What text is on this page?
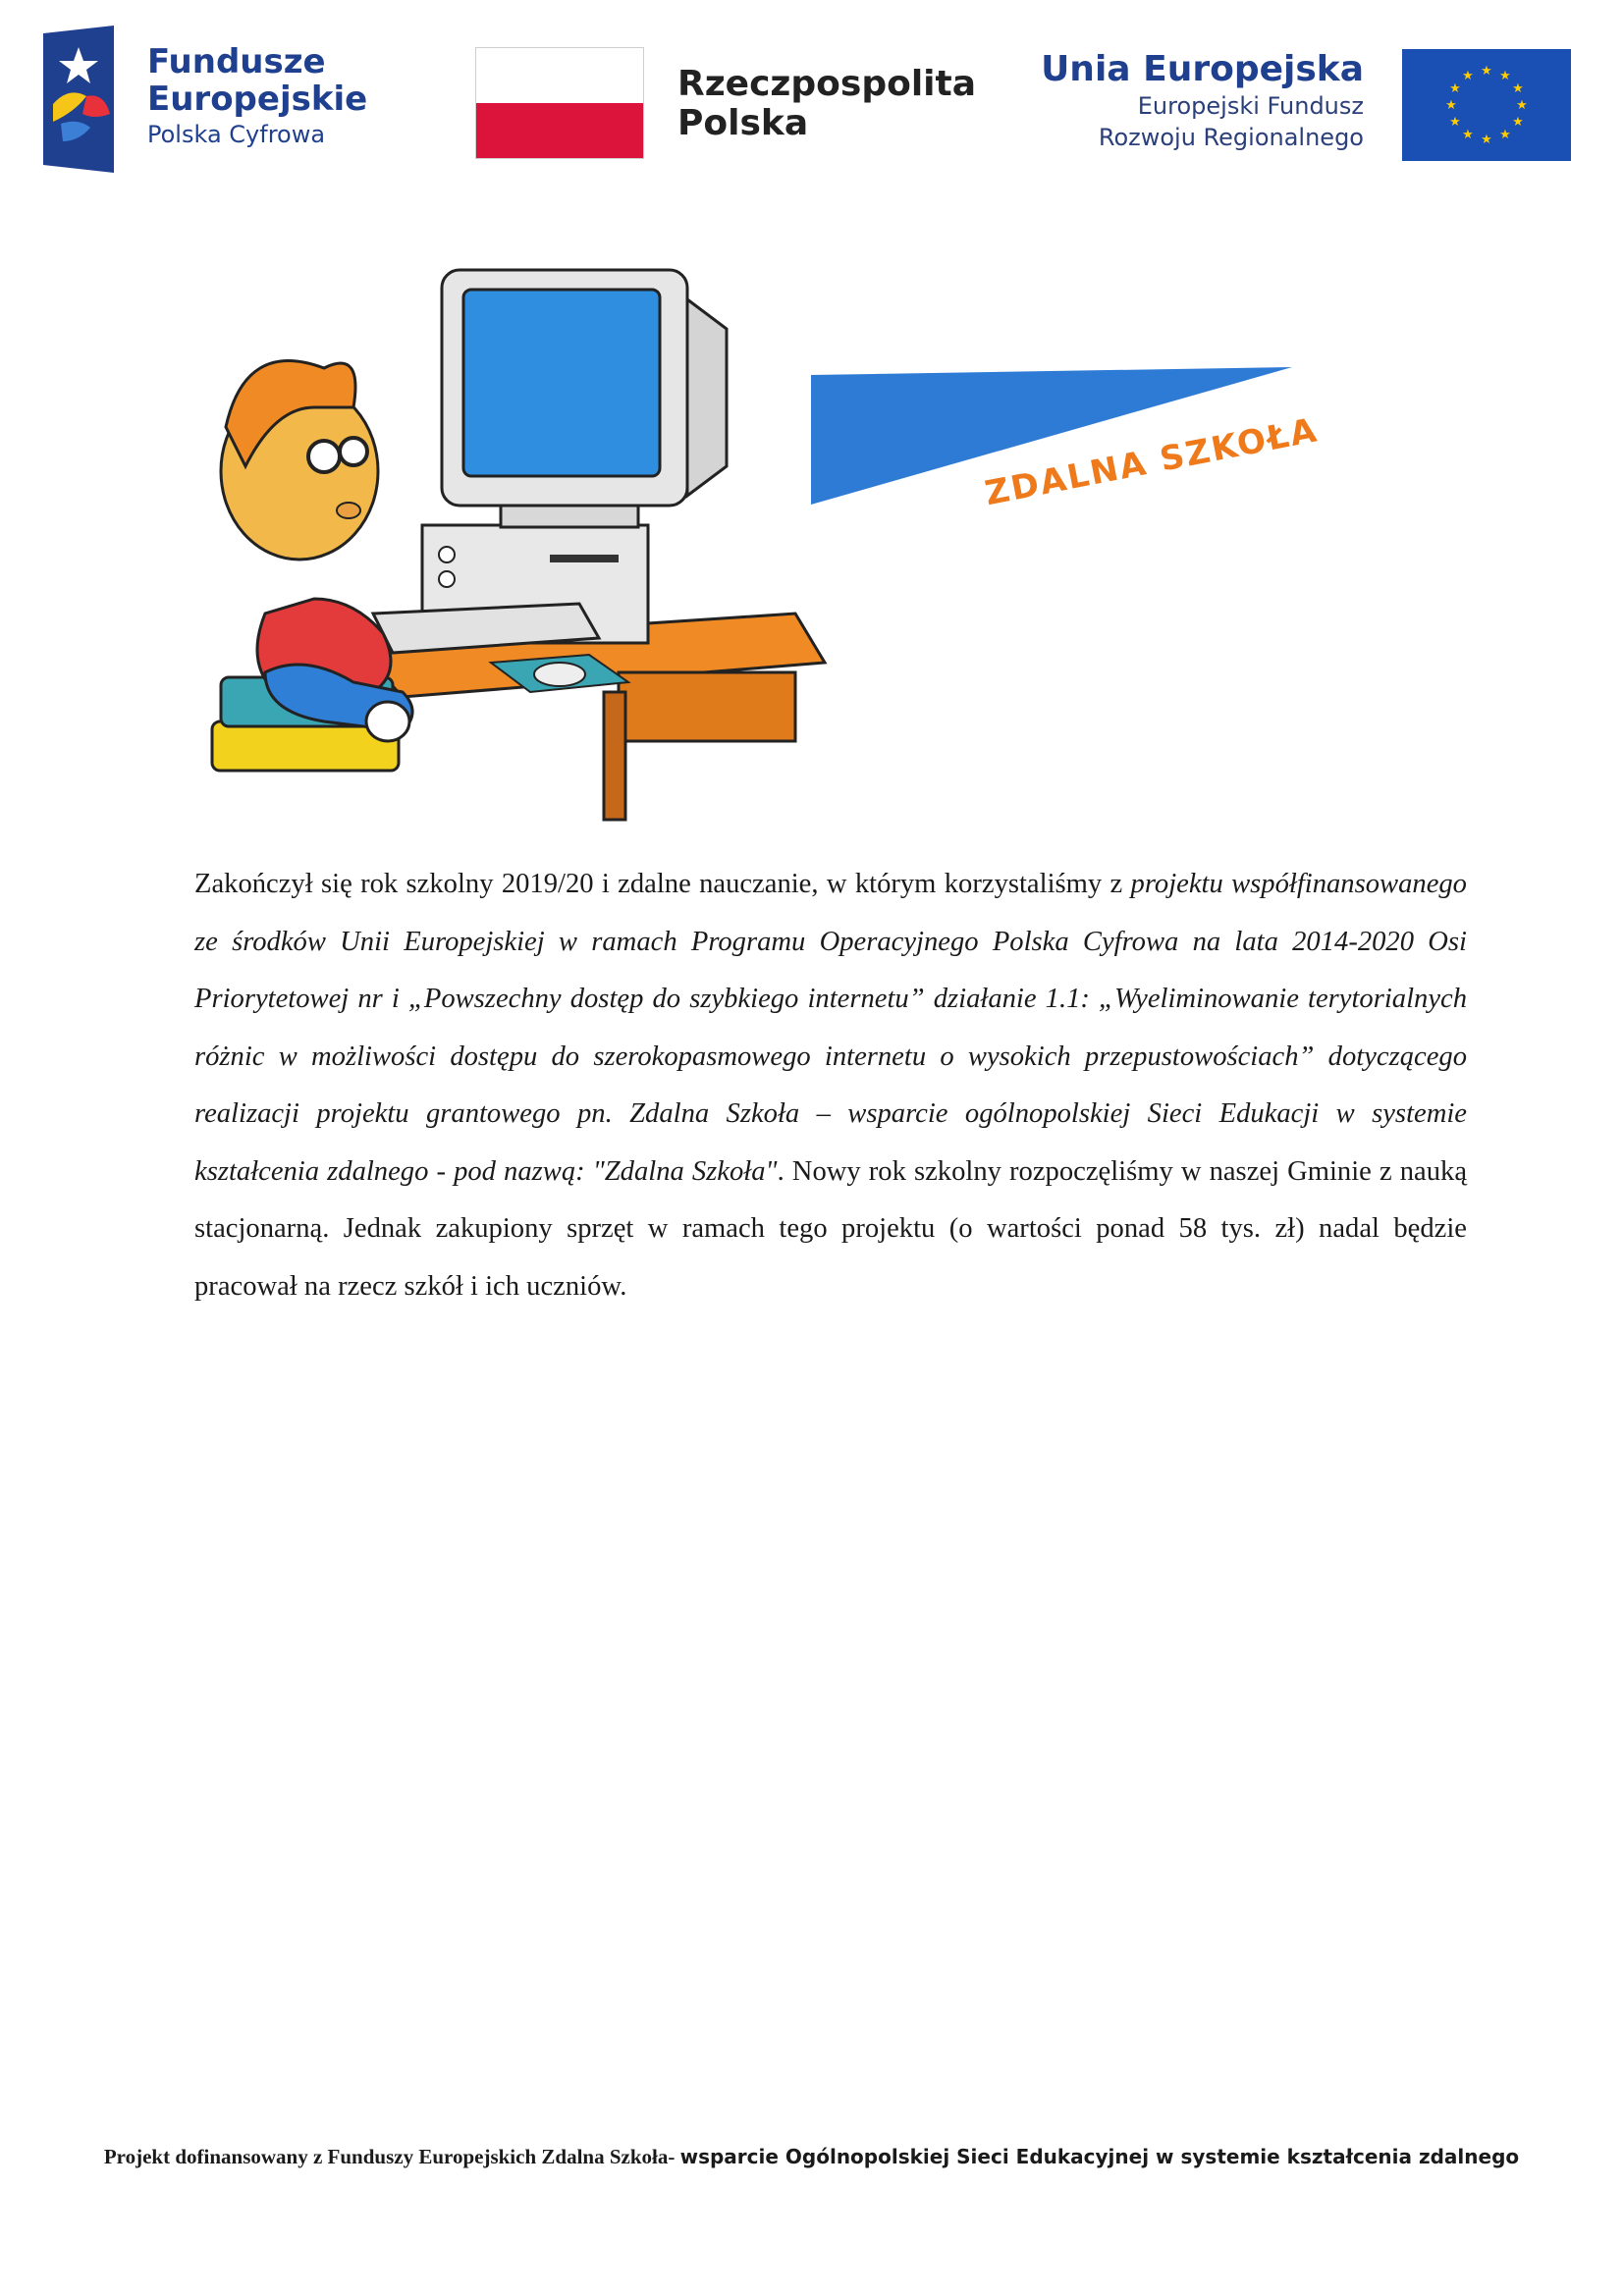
Fundusze
Europejskie
Polska Cyfrowa
Rzeczpospolita
Polska
Unia Europejska
Europejski Fundusz
Rozwoju Regionalnego
★ ★
★
★
★
★
★
★
★
★
★
★
ZDALNA SZKOŁA
Zakończył się rok szkolny 2019/20 i zdalne nauczanie, w którym korzystaliśmy z projektu współfinansowanego ze środków Unii Europejskiej w ramach Programu Operacyjnego Polska Cyfrowa na lata 2014-2020 Osi Priorytetowej nr i „Powszechny dostęp do szybkiego internetu” działanie 1.1: „Wyeliminowanie terytorialnych różnic w możliwości dostępu do szerokopasmowego internetu o wysokich przepustowościach” dotyczącego realizacji projektu grantowego pn. Zdalna Szkoła – wsparcie ogólnopolskiej Sieci Edukacji w systemie kształcenia zdalnego - pod nazwą: "Zdalna Szkoła". Nowy rok szkolny rozpoczęliśmy w naszej Gminie z nauką stacjonarną. Jednak zakupiony sprzęt w ramach tego projektu (o wartości ponad 58 tys. zł) nadal będzie pracował na rzecz szkół i ich uczniów.
Projekt dofinansowany z Funduszy Europejskich Zdalna Szkoła- wsparcie Ogólnopolskiej Sieci Edukacyjnej w systemie kształcenia zdalnego
